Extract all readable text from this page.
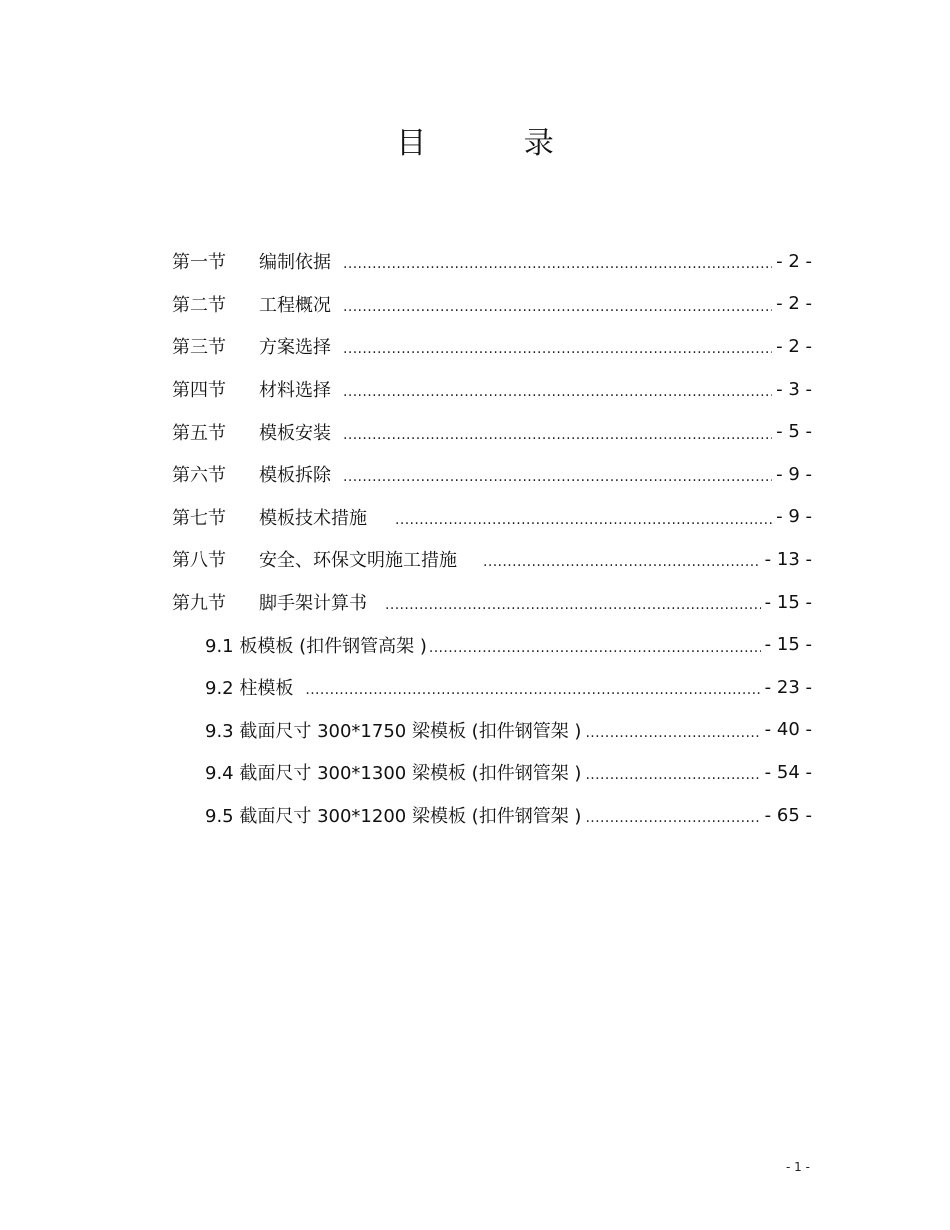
目 录
第一节	编制依据 .....	- 2 -
第二节	工程概况 .....	- 2 -
第三节	方案选择 .....	- 2 -
第四节	材料选择 .....	- 3 -
第五节	模板安装 .....	- 5 -
第六节	模板拆除 .....	- 9 -
第七节	模板技术措施 .....	- 9 -
第八节	安全、环保文明施工措施 .....	- 13 -
第九节	脚手架计算书 .....	- 15 -
9.1 板模板 (扣件钢管高架 ) .....	- 15 -
9.2 柱模板 .....	- 23 -
9.3 截面尺寸 300*1750 梁模板 (扣件钢管架 ) .....	- 40 -
9.4 截面尺寸 300*1300 梁模板 (扣件钢管架 ) .....	- 54 -
9.5 截面尺寸 300*1200 梁模板 (扣件钢管架 ) .....	- 65 -
- 1 -
